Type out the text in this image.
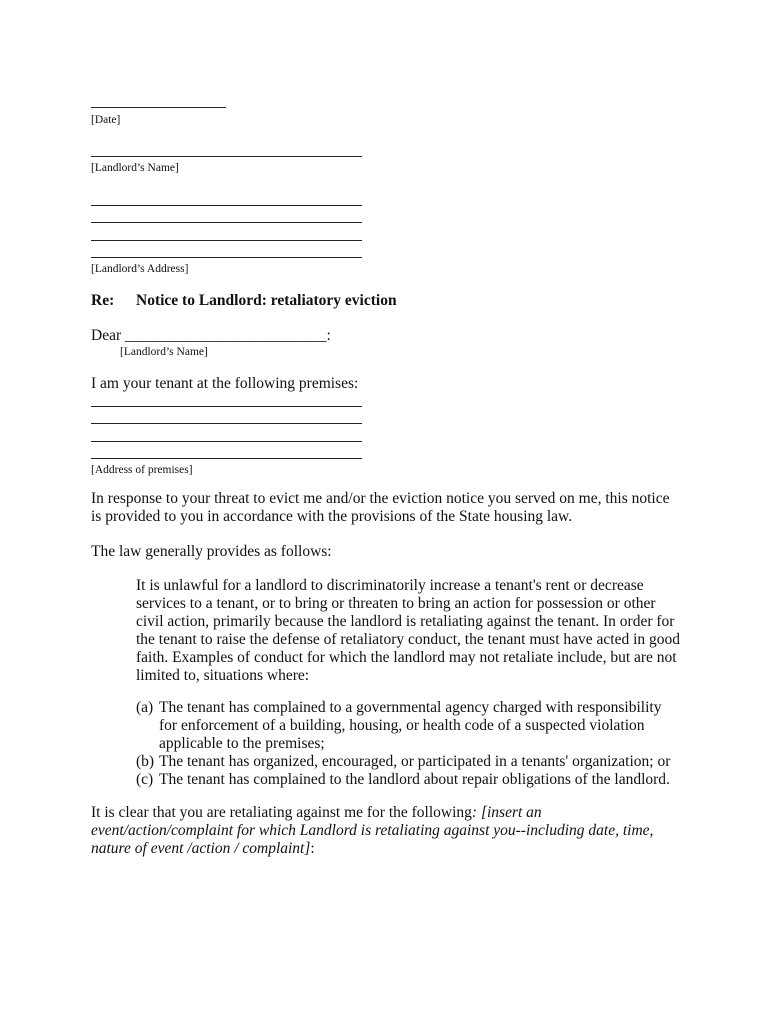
[Date]
[Landlord’s Name]
[Landlord’s Address]
Re: Notice to Landlord: retaliatory eviction
Dear __________________________:
[Landlord’s Name]
I am your tenant at the following premises:
[Address of premises]
In response to your threat to evict me and/or the eviction notice you served on me, this notice is provided to you in accordance with the provisions of the State housing law.
The law generally provides as follows:
It is unlawful for a landlord to discriminatorily increase a tenant's rent or decrease services to a tenant, or to bring or threaten to bring an action for possession or other civil action, primarily because the landlord is retaliating against the tenant. In order for the tenant to raise the defense of retaliatory conduct, the tenant must have acted in good faith. Examples of conduct for which the landlord may not retaliate include, but are not limited to, situations where:
(a) The tenant has complained to a governmental agency charged with responsibility for enforcement of a building, housing, or health code of a suspected violation applicable to the premises;
(b) The tenant has organized, encouraged, or participated in a tenants' organization; or
(c) The tenant has complained to the landlord about repair obligations of the landlord.
It is clear that you are retaliating against me for the following: [insert an event/action/complaint for which Landlord is retaliating against you--including date, time, nature of event /action / complaint]:
